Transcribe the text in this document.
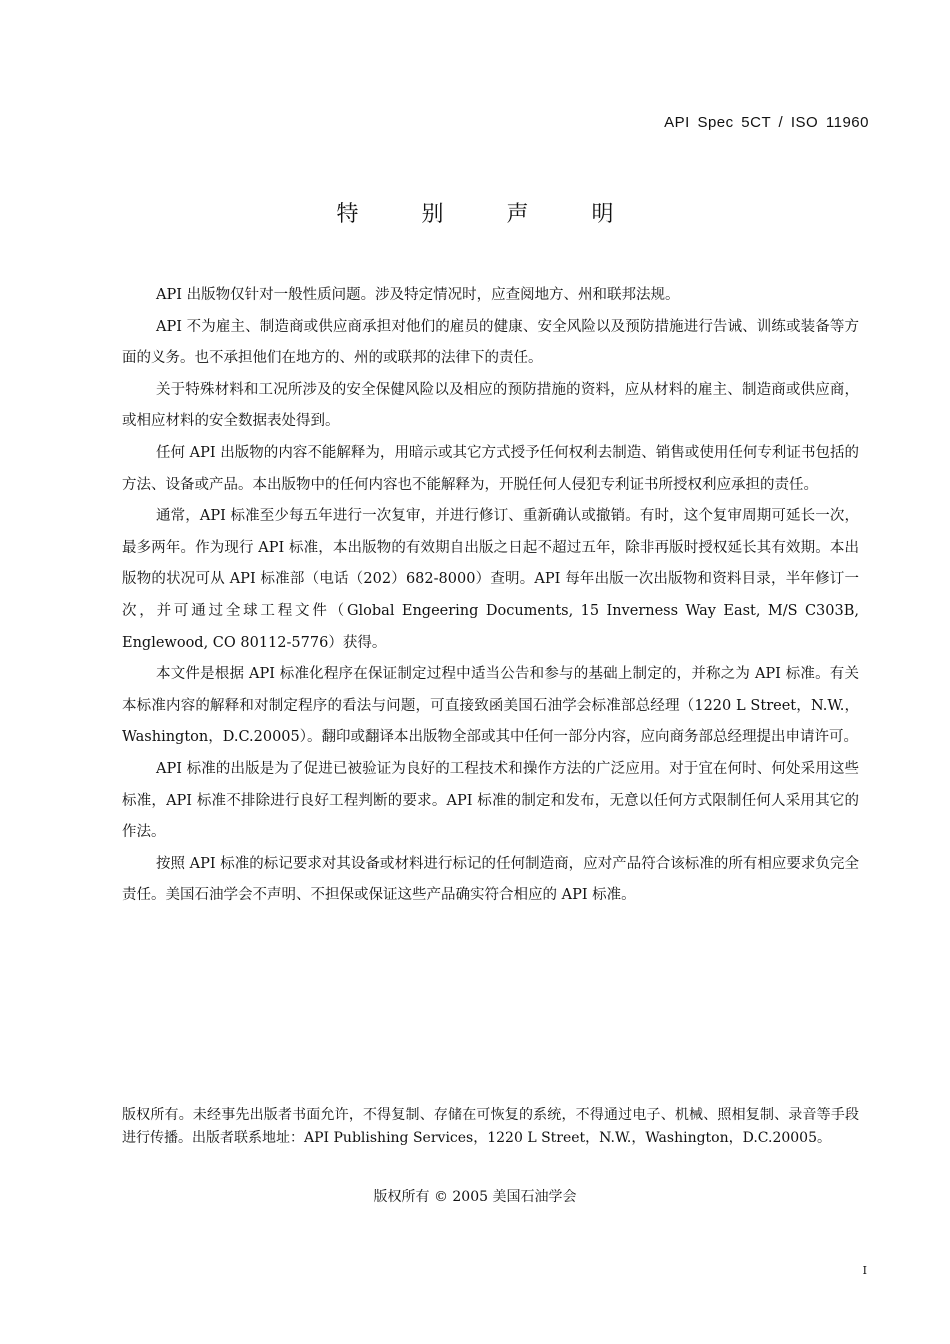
API Spec 5CT / ISO 11960
特 别 声 明

API 出版物仅针对一般性质问题。涉及特定情况时，应查阅地方、州和联邦法规。

API 不为雇主、制造商或供应商承担对他们的雇员的健康、安全风险以及预防措施进行告诫、训练或装备等方面的义务。也不承担他们在地方的、州的或联邦的法律下的责任。

关于特殊材料和工况所涉及的安全保健风险以及相应的预防措施的资料，应从材料的雇主、制造商或供应商，或相应材料的安全数据表处得到。

任何 API 出版物的内容不能解释为，用暗示或其它方式授予任何权利去制造、销售或使用任何专利证书包括的方法、设备或产品。本出版物中的任何内容也不能解释为，开脱任何人侵犯专利证书所授权利应承担的责任。

通常，API 标准至少每五年进行一次复审，并进行修订、重新确认或撤销。有时，这个复审周期可延长一次，最多两年。作为现行 API 标准，本出版物的有效期自出版之日起不超过五年，除非再版时授权延长其有效期。本出版物的状况可从 API 标准部（电话（202）682-8000）查明。API 每年出版一次出版物和资料目录，半年修订一次，并可通过全球工程文件（Global Engeering Documents, 15 Inverness Way East, M/S C303B, Englewood, CO 80112-5776）获得。

本文件是根据 API 标准化程序在保证制定过程中适当公告和参与的基础上制定的，并称之为 API 标准。有关本标准内容的解释和对制定程序的看法与问题，可直接致函美国石油学会标准部总经理（1220 L Street，N.W.，Washington，D.C.20005）。翻印或翻译本出版物全部或其中任何一部分内容，应向商务部总经理提出申请许可。

API 标准的出版是为了促进已被验证为良好的工程技术和操作方法的广泛应用。对于宜在何时、何处采用这些标准，API 标准不排除进行良好工程判断的要求。API 标准的制定和发布，无意以任何方式限制任何人采用其它的作法。

按照 API 标准的标记要求对其设备或材料进行标记的任何制造商，应对产品符合该标准的所有相应要求负完全责任。美国石油学会不声明、不担保或保证这些产品确实符合相应的 API 标准。

版权所有。未经事先出版者书面允许，不得复制、存储在可恢复的系统，不得通过电子、机械、照相复制、录音等手段进行传播。出版者联系地址：API Publishing Services，1220 L Street，N.W.，Washington，D.C.20005。

版权所有 © 2005 美国石油学会
I
